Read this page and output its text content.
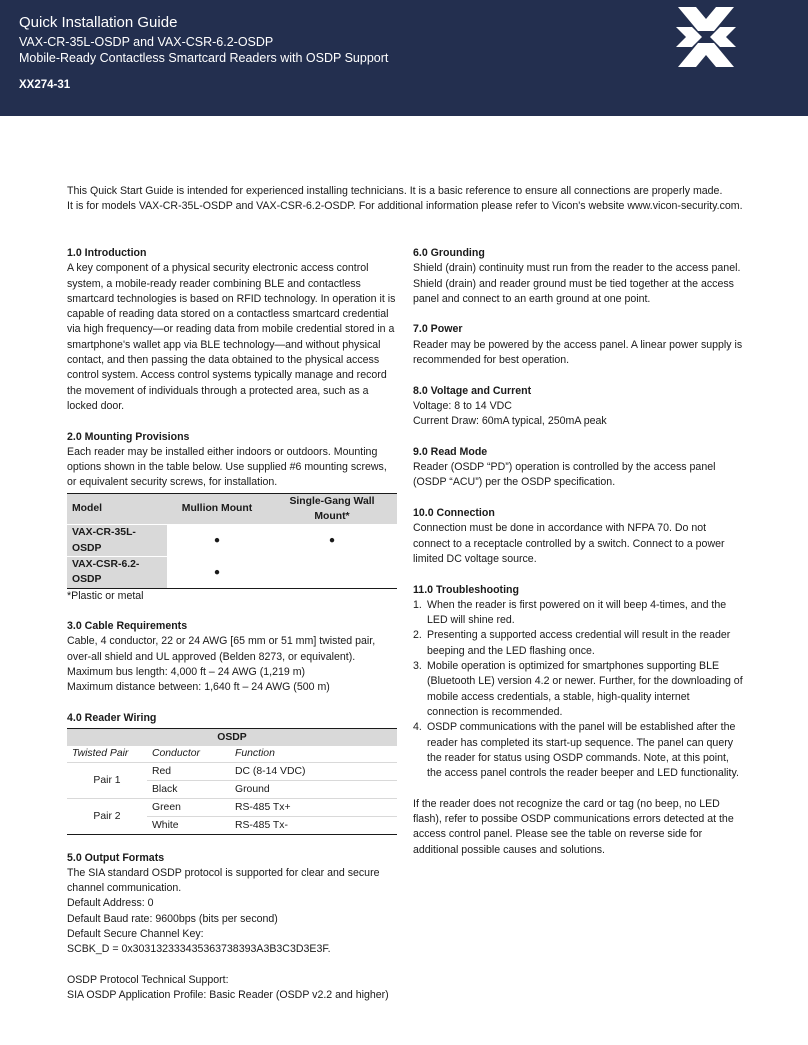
Quick Installation Guide
VAX-CR-35L-OSDP and VAX-CSR-6.2-OSDP
Mobile-Ready Contactless Smartcard Readers with OSDP Support
XX274-31

This Quick Start Guide is intended for experienced installing technicians. It is a basic reference to ensure all connections are properly made.

It is for models VAX-CR-35L-OSDP and VAX-CSR-6.2-OSDP. For additional information please refer to Vicon's website www.vicon-security.com.

1.0 Introduction

A key component of a physical security electronic access control
system, a mobile-ready reader combining BLE and contactless
smartcard technologies is based on RFID technology. In operation it is
capable of reading data stored on a contactless smartcard credential
via high frequency—or reading data from mobile credential stored in a
smartphone's wallet app via BLE technology—and without physical
contact, and then passing the data obtained to the physical access
control system. Access control systems typically manage and record
the movement of individuals through a protected area, such as a
locked door.

2.0 Mounting Provisions

Each reader may be installed either indoors or outdoors. Mounting
options shown in the table below. Use supplied #6 mounting screws,
or equivalent security screws, for installation.

Model	Mullion Mount	Single-Gang Wall Mount*
VAX-CR-35L-OSDP	●	●
VAX-CSR-6.2-OSDP	●	

*Plastic or metal

3.0 Cable Requirements

Cable, 4 conductor, 22 or 24 AWG [65 mm or 51 mm] twisted pair,
over-all shield and UL approved (Belden 8273, or equivalent).
Maximum bus length: 4,000 ft – 24 AWG (1,219 m)
Maximum distance between: 1,640 ft – 24 AWG (500 m)

4.0 Reader Wiring
OSDP		
Twisted Pair	Conductor	Function
Pair 1	Red	DC (8-14 VDC)
	Black	Ground
Pair 2	Green	RS-485 Tx+
	White	RS-485 Tx-
5.0 Output Formats

The SIA standard OSDP protocol is supported for clear and secure
channel communication.
Default Address: 0
Default Baud rate: 9600bps (bits per second)
Default Secure Channel Key:
SCBK_D = 0x303132333435363738393A3B3C3D3E3F.

OSDP Protocol Technical Support:
SIA OSDP Application Profile: Basic Reader (OSDP v2.2 and higher)

6.0 Grounding

Shield (drain) continuity must run from the reader to the access panel.
Shield (drain) and reader ground must be tied together at the access
panel and connect to an earth ground at one point.

7.0 Power

Reader may be powered by the access panel. A linear power supply is
recommended for best operation.

8.0 Voltage and Current

Voltage: 8 to 14 VDC
Current Draw: 60mA typical, 250mA peak

9.0 Read Mode

Reader (OSDP “PD”) operation is controlled by the access panel
(OSDP “ACU”) per the OSDP specification.

10.0 Connection

Connection must be done in accordance with NFPA 70. Do not
connect to a receptacle controlled by a switch. Connect to a power
limited DC voltage source.

11.0 Troubleshooting
1. When the reader is first powered on it will beep 4-times, and the
LED will shine red.
2. Presenting a supported access credential will result in the reader
beeping and the LED flashing once.
3. Mobile operation is optimized for smartphones supporting BLE
(Bluetooth LE) version 4.2 or newer. Further, for the downloading of
mobile access credentials, a stable, high-quality internet
connection is recommended.
4. OSDP communications with the panel will be established after the
reader has completed its start-up sequence. The panel can query
the reader for status using OSDP commands. Note, at this point,
the access panel controls the reader beeper and LED functionality.

If the reader does not recognize the card or tag (no beep, no LED
flash), refer to possibe OSDP communications errors detected at the
access control panel. Please see the table on reverse side for
additional possible causes and solutions.
